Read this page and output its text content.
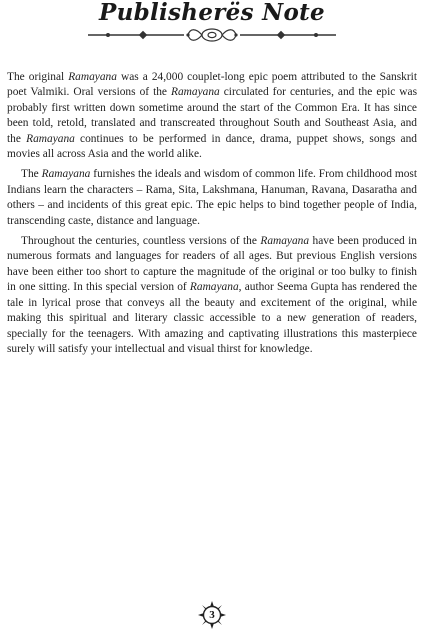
Publisherës Note

The original Ramayana was a 24,000 couplet-long epic poem attributed to the Sanskrit poet Valmiki. Oral versions of the Ramayana circulated for centuries, and the epic was probably first written down sometime around the start of the Common Era. It has since been told, retold, translated and transcreated throughout South and Southeast Asia, and the Ramayana continues to be performed in dance, drama, puppet shows, songs and movies all across Asia and the world alike.

The Ramayana furnishes the ideals and wisdom of common life. From childhood most Indians learn the characters – Rama, Sita, Lakshmana, Hanuman, Ravana, Dasaratha and others – and incidents of this great epic. The epic helps to bind together people of India, transcending caste, distance and language.

Throughout the centuries, countless versions of the Ramayana have been produced in numerous formats and languages for readers of all ages. But previous English versions have been either too short to capture the magnitude of the original or too bulky to finish in one sitting. In this special version of Ramayana, author Seema Gupta has rendered the tale in lyrical prose that conveys all the beauty and excitement of the original, while making this spiritual and literary classic accessible to a new generation of readers, specially for the teenagers. With amazing and captivating illustrations this masterpiece surely will satisfy your intellectual and visual thirst for knowledge.

3
